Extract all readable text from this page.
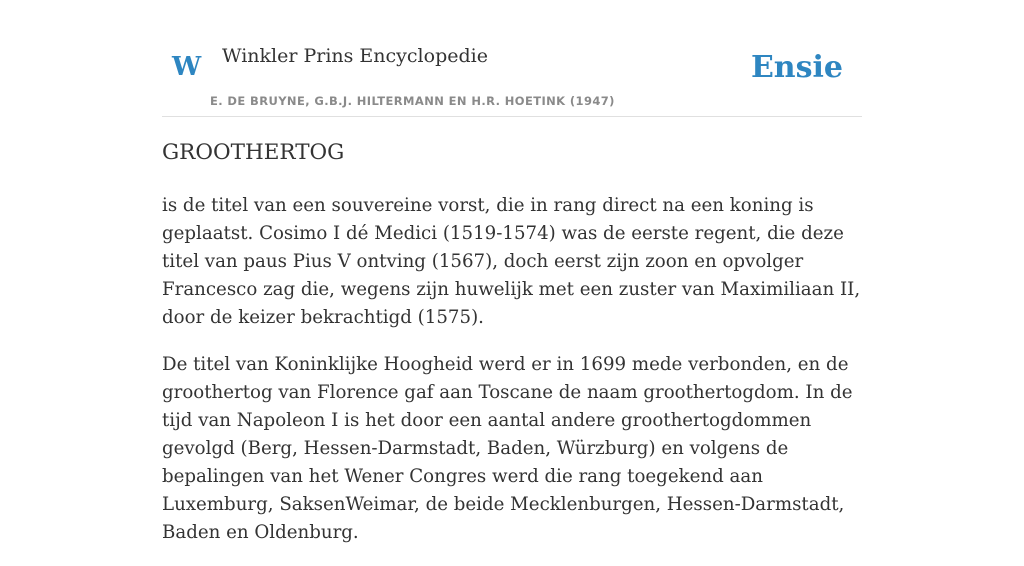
W Winkler Prins Encyclopedie
E. DE BRUYNE, G.B.J. HILTERMANN EN H.R. HOETINK (1947)
Ensie
GROOTHERTOG

is de titel van een souvereine vorst, die in rang direct na een koning is geplaatst. Cosimo I dé Medici (1519-1574) was de eerste regent, die deze titel van paus Pius V ontving (1567), doch eerst zijn zoon en opvolger Francesco zag die, wegens zijn huwelijk met een zuster van Maximiliaan II, door de keizer bekrachtigd (1575).

De titel van Koninklijke Hoogheid werd er in 1699 mede verbonden, en de groothertog van Florence gaf aan Toscane de naam groothertogdom. In de tijd van Napoleon I is het door een aantal andere groothertogdommen gevolgd (Berg, Hessen-Darmstadt, Baden, Würzburg) en volgens de bepalingen van het Wener Congres werd die rang toegekend aan Luxemburg, SaksenWeimar, de beide Mecklenburgen, Hessen-Darmstadt, Baden en Oldenburg.
